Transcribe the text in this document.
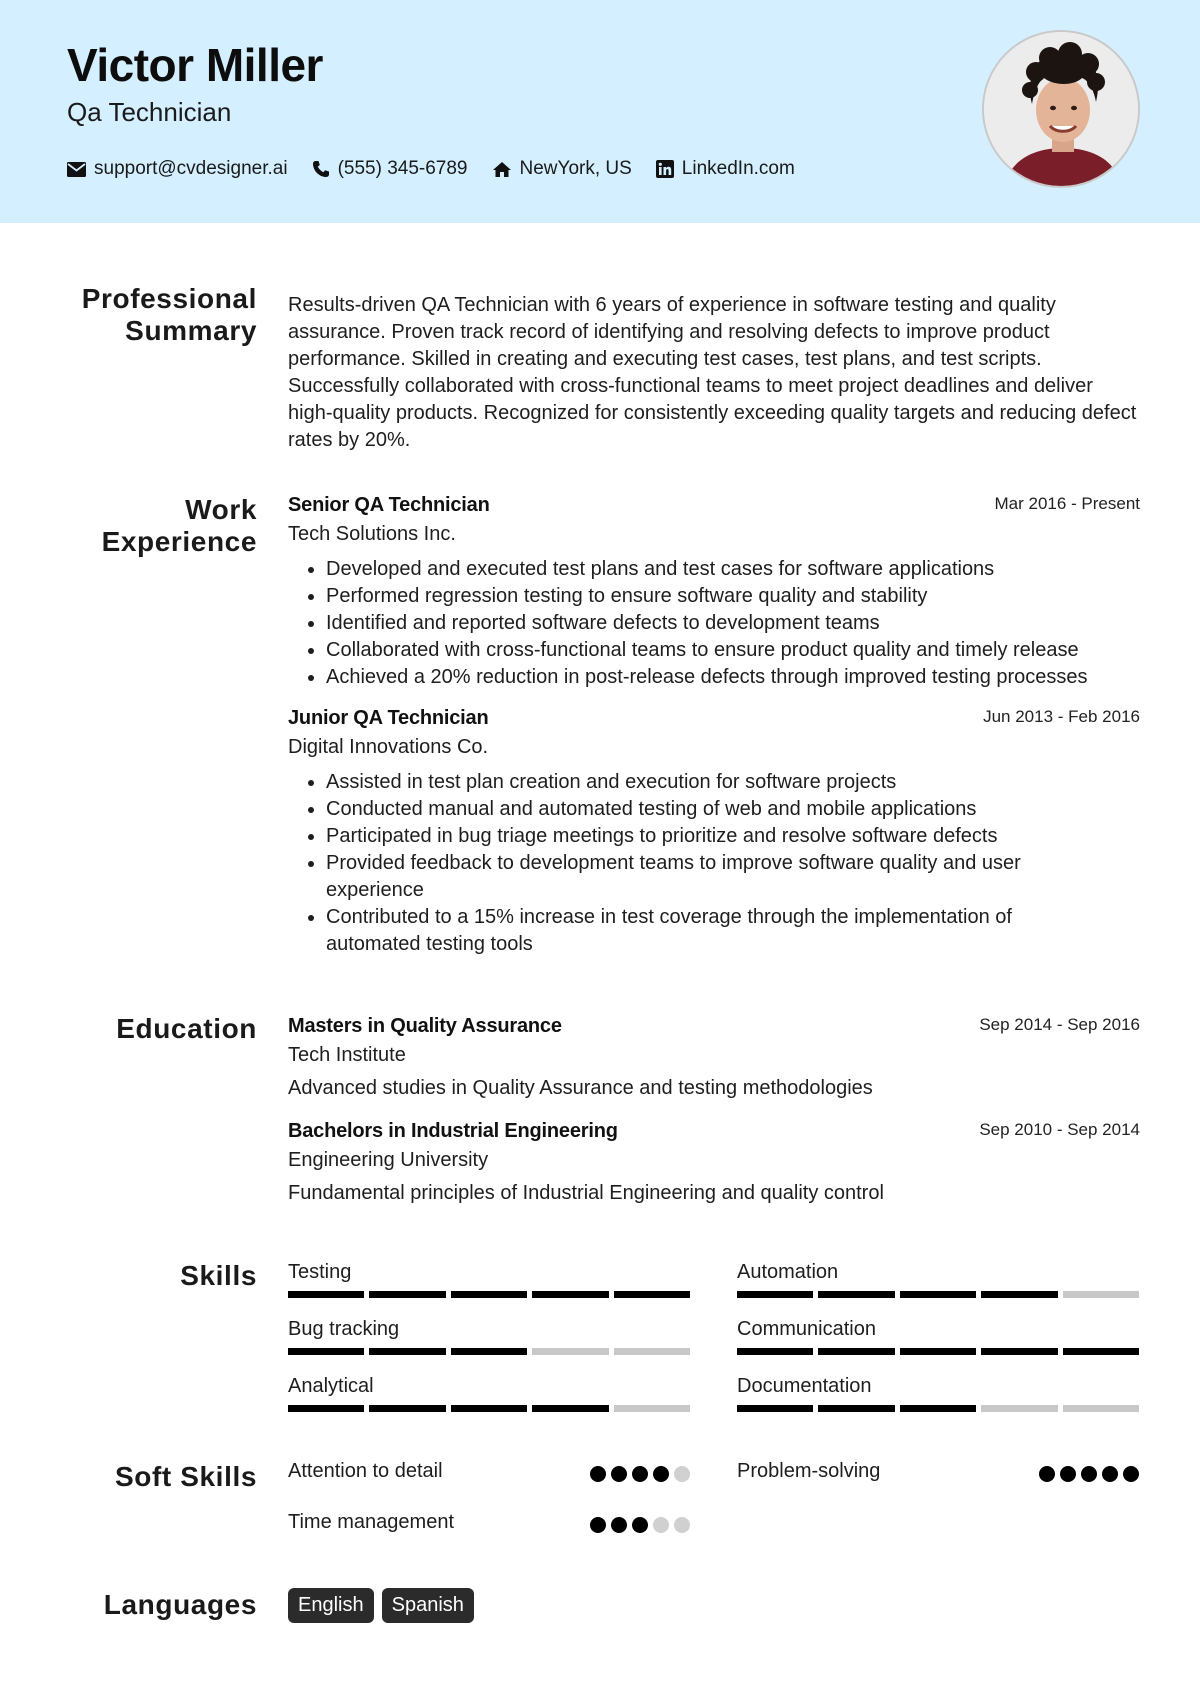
Victor Miller
Qa Technician
support@cvdesigner.ai	(555) 345-6789	NewYork, US	LinkedIn.com
Professional
Summary
Results-driven QA Technician with 6 years of experience in software testing and quality assurance. Proven track record of identifying and resolving defects to improve product performance. Skilled in creating and executing test cases, test plans, and test scripts. Successfully collaborated with cross-functional teams to meet project deadlines and deliver high-quality products. Recognized for consistently exceeding quality targets and reducing defect rates by 20%.
Work
Experience
Senior QA Technician	Mar 2016 - Present
Tech Solutions Inc.
• Developed and executed test plans and test cases for software applications
• Performed regression testing to ensure software quality and stability
• Identified and reported software defects to development teams
• Collaborated with cross-functional teams to ensure product quality and timely release
• Achieved a 20% reduction in post-release defects through improved testing processes
Junior QA Technician	Jun 2013 - Feb 2016
Digital Innovations Co.
• Assisted in test plan creation and execution for software projects
• Conducted manual and automated testing of web and mobile applications
• Participated in bug triage meetings to prioritize and resolve software defects
• Provided feedback to development teams to improve software quality and user experience
• Contributed to a 15% increase in test coverage through the implementation of automated testing tools
Education Masters in Quality Assurance	Sep 2014 - Sep 2016
Tech Institute
Advanced studies in Quality Assurance and testing methodologies
Bachelors in Industrial Engineering	Sep 2010 - Sep 2014
Engineering University
Fundamental principles of Industrial Engineering and quality control
Skills Testing	Automation
Bug tracking	Communication
Analytical	Documentation
Soft Skills Attention to detail	Problem-solving
Time management
Languages	English	Spanish
